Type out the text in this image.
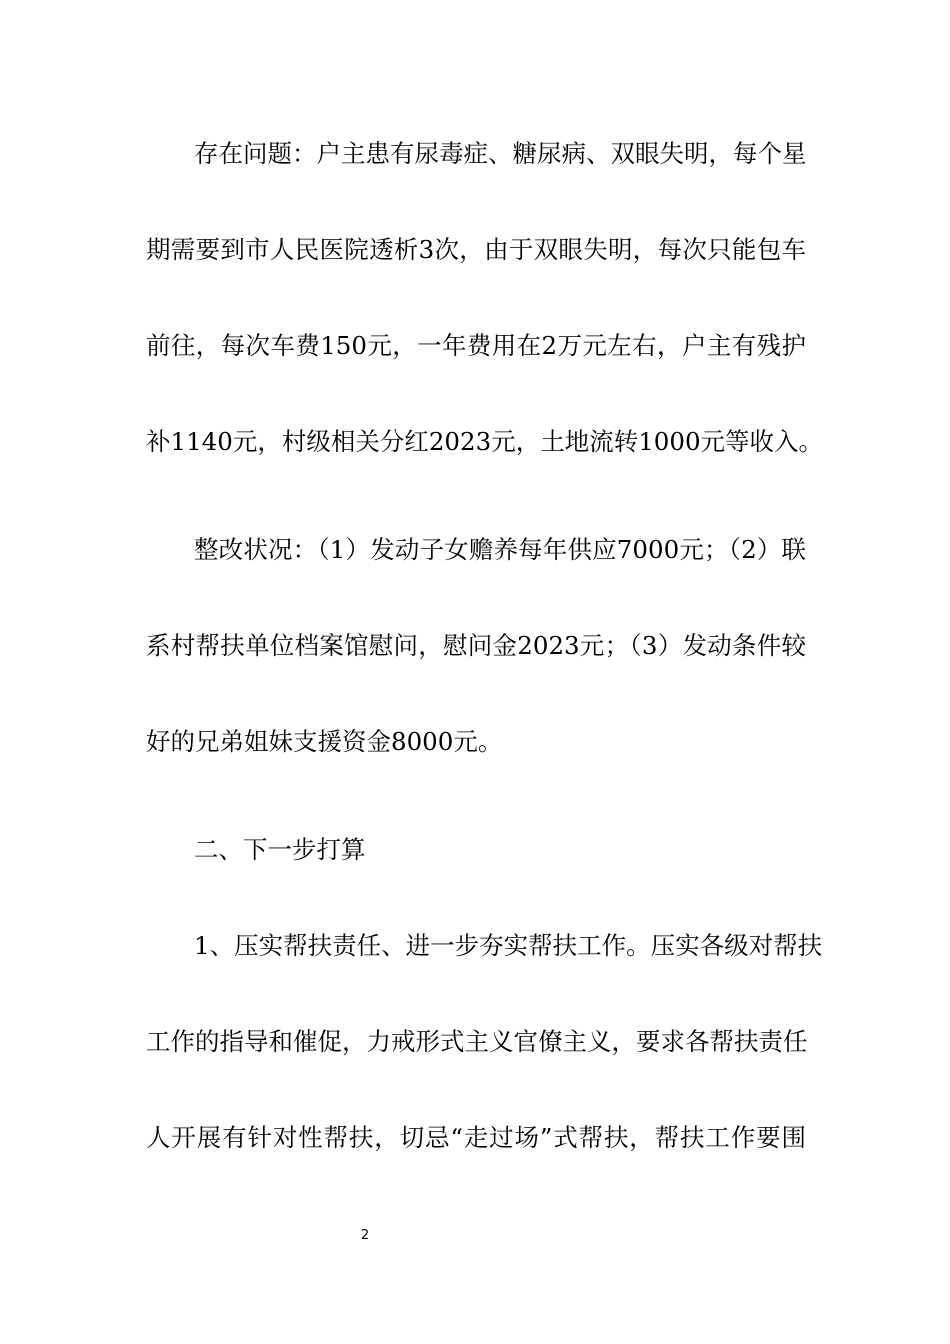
存在问题：户主患有尿毒症、糖尿病、双眼失明，每个星
期需要到市人民医院透析3次，由于双眼失明，每次只能包车
前往，每次车费150元，一年费用在2万元左右，户主有残护
补1140元，村级相关分红2023元，土地流转1000元等收入。
整改状况：（1）发动子女赡养每年供应7000元；（2）联
系村帮扶单位档案馆慰问，慰问金2023元；（3）发动条件较
好的兄弟姐妹支援资金8000元。
二、下一步打算
1、压实帮扶责任、进一步夯实帮扶工作。压实各级对帮扶
工作的指导和催促，力戒形式主义官僚主义，要求各帮扶责任
人开展有针对性帮扶，切忌“走过场”式帮扶，帮扶工作要围
2
